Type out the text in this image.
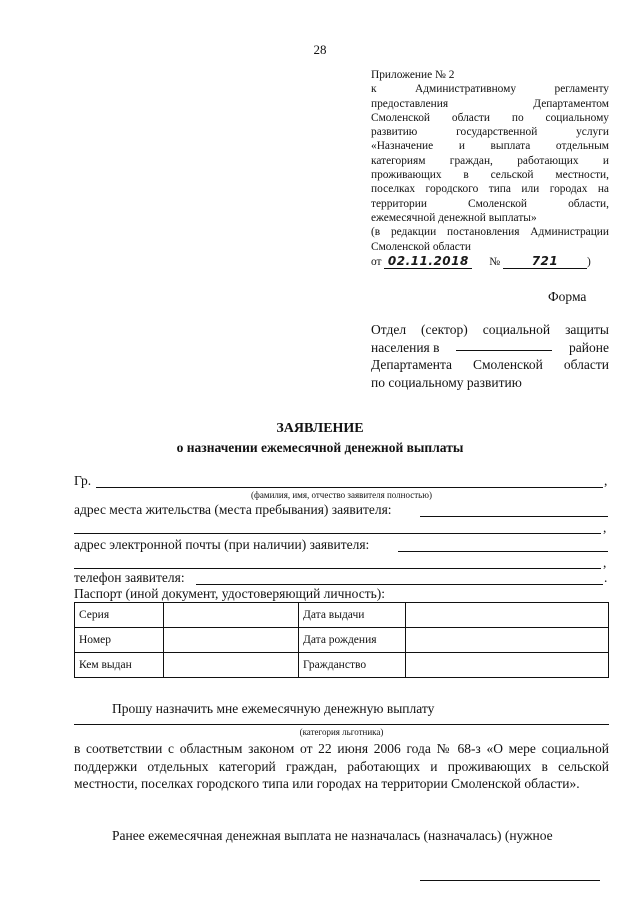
28
Приложение № 2
к Административному регламенту
предоставления Департаментом
Смоленской области по социальному
развитию государственной услуги
«Назначение и выплата отдельным
категориям граждан, работающих и
проживающих в сельской местности,
поселках городского типа или городах на
территории Смоленской области,
ежемесячной денежной выплаты»
(в редакции постановления Администрации
Смоленской области
от 02.11.2018 №	721	)
Форма
Отдел (сектор) социальной защиты
населения в	районе
Департамента Смоленской области
по социальному развитию
ЗАЯВЛЕНИЕ
о назначении ежемесячной денежной выплаты
Гр.	,
(фамилия, имя, отчество заявителя полностью)
адрес места жительства (места пребывания) заявителя:
,
адрес электронной почты (при наличии) заявителя:
,
телефон заявителя:	.
Паспорт (иной документ, удостоверяющий личность):
Серия		Дата выдачи	
Номер		Дата рождения	
Кем выдан		Гражданство	
Прошу назначить мне ежемесячную денежную выплату
(категория льготника)
в соответствии с областным законом от 22 июня 2006 года № 68-з «О мере социальной поддержки отдельных категорий граждан, работающих и проживающих в сельской местности, поселках городского типа или городах на территории Смоленской области».
Ранее ежемесячная денежная выплата не назначалась (назначалась) (нужное
